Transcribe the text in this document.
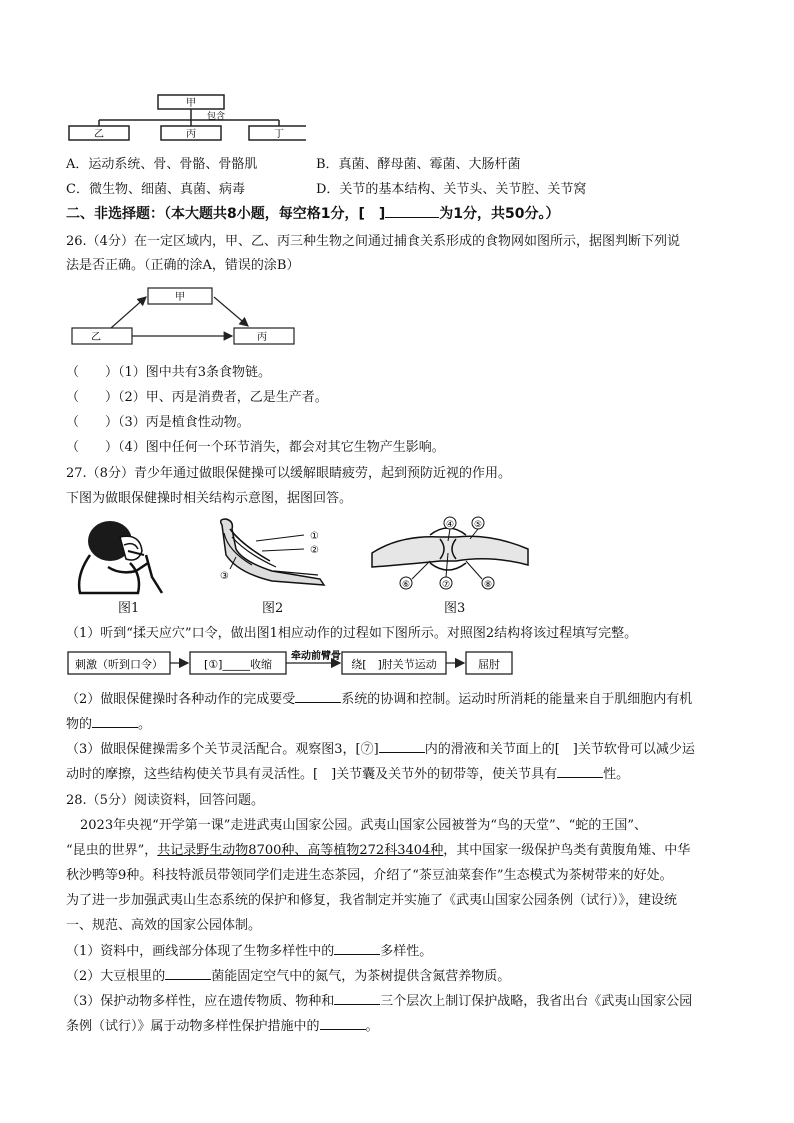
甲
包含
乙	丙	丁
A．运动系统、骨、骨骼、骨骼肌	B．真菌、酵母菌、霉菌、大肠杆菌
C．微生物、细菌、真菌、病毒	D．关节的基本结构、关节头、关节腔、关节窝
二、非选择题：（本大题共8小题，每空格1分，[　]	为1分，共50分。）
26.（4分）在一定区域内，甲、乙、丙三种生物之间通过捕食关系形成的食物网如图所示，据图判断下列说
法是否正确。（正确的涂A，错误的涂B）
甲
乙	丙
（　　）（1）图中共有3条食物链。
（　　）（2）甲、丙是消费者，乙是生产者。
（　　）（3）丙是植食性动物。
（　　）（4）图中任何一个环节消失，都会对其它生物产生影响。
27.（8分）青少年通过做眼保健操可以缓解眼睛疲劳，起到预防近视的作用。
下图为做眼保健操时相关结构示意图，据图回答。
①
②
③
④ ⑤
⑥	⑦	⑧
图1	图2	图3
（1）听到“揉天应穴”口令，做出图1相应动作的过程如下图所示。对照图2结构将该过程填写完整。
刺激（听到口令）	[①]_____收缩
牵动前臂骨
绕[　]肘关节运动	屈肘
（2）做眼保健操时各种动作的完成要受	系统的协调和控制。运动时所消耗的能量来自于肌细胞内有机
物的	。
（3）做眼保健操需多个关节灵活配合。观察图3，[⑦]	内的滑液和关节面上的[　]关节软骨可以减少运
动时的摩擦，这些结构使关节具有灵活性。[　]关节囊及关节外的韧带等，使关节具有	性。
28.（5分）阅读资料，回答问题。
2023年央视“开学第一课”走进武夷山国家公园。武夷山国家公园被誉为“鸟的天堂”、“蛇的王国”、
“昆虫的世界”，共记录野生动物8700种、高等植物272科3404种，其中国家一级保护鸟类有黄腹角雉、中华
秋沙鸭等9种。科技特派员带领同学们走进生态茶园，介绍了“茶豆油菜套作”生态模式为茶树带来的好处。
为了进一步加强武夷山生态系统的保护和修复，我省制定并实施了《武夷山国家公园条例（试行）》，建设统
一、规范、高效的国家公园体制。
（1）资料中，画线部分体现了生物多样性中的	多样性。
（2）大豆根里的	菌能固定空气中的氮气，为茶树提供含氮营养物质。
（3）保护动物多样性，应在遗传物质、物种和	三个层次上制订保护战略，我省出台《武夷山国家公园
条例（试行）》属于动物多样性保护措施中的	。
